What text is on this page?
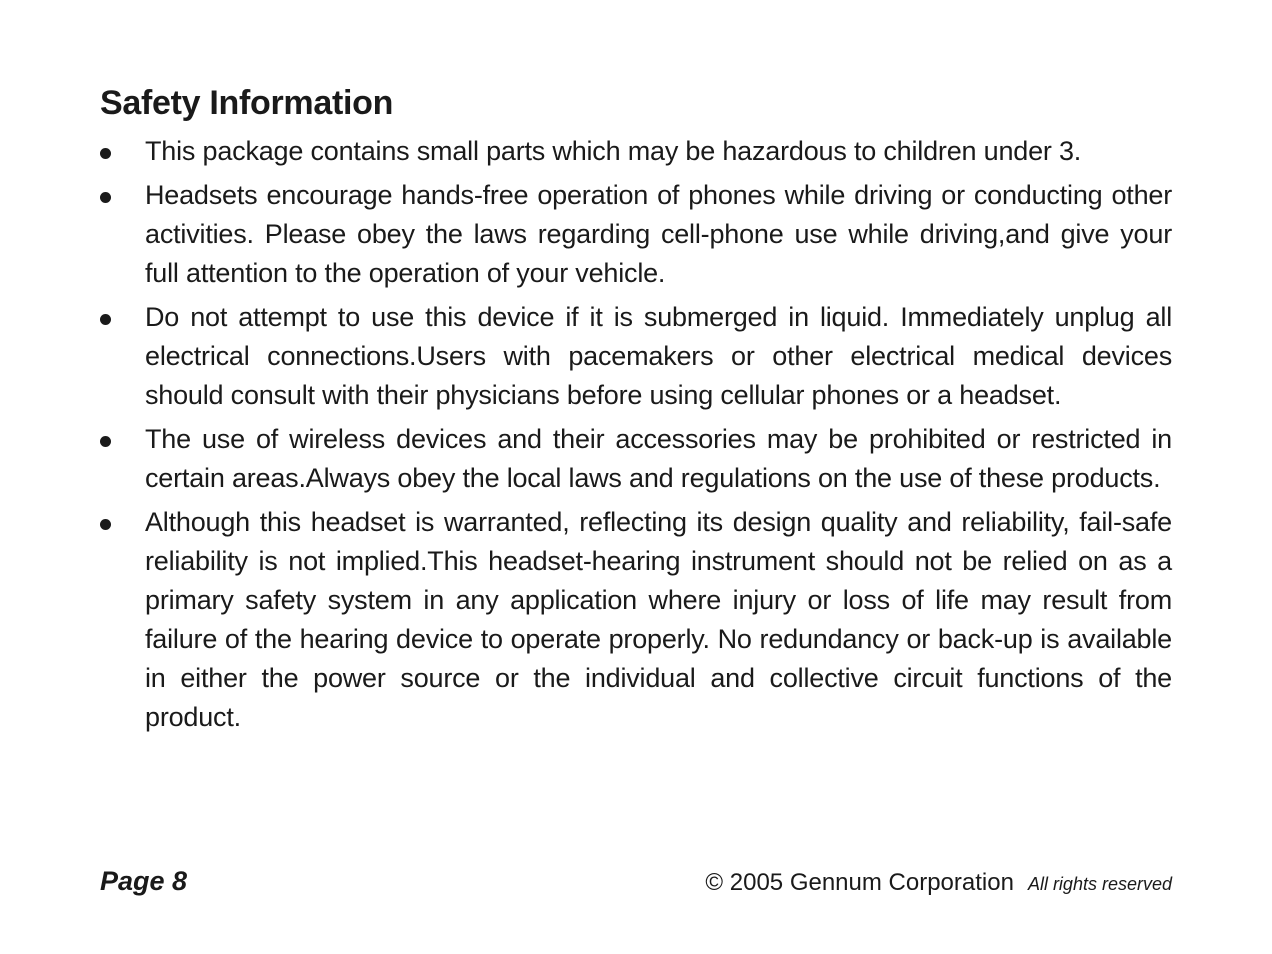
Safety Information
This package contains small parts which may be hazardous to children under 3.
Headsets encourage hands-free operation of phones while driving or conducting other activities. Please obey the laws regarding cell-phone use while driving,and give your full attention to the operation of your vehicle.
Do not attempt to use this device if it is submerged in liquid. Immediately unplug all electrical connections.Users with pacemakers or other electrical medical devices should consult with their physicians before using cellular phones or a headset.
The use of wireless devices and their accessories may be prohibited or restricted in certain areas.Always obey the local laws and regulations on the use of these products.
Although this headset is warranted, reflecting its design quality and reliability, fail-safe reliability is not implied.This headset-hearing instrument should not be relied on as a primary safety system in any application where injury or loss of life may result from failure of the hearing device to operate properly. No redundancy or back-up is available in either the power source or the individual and collective circuit functions of the product.
Page 8	© 2005 Gennum Corporation All rights reserved
